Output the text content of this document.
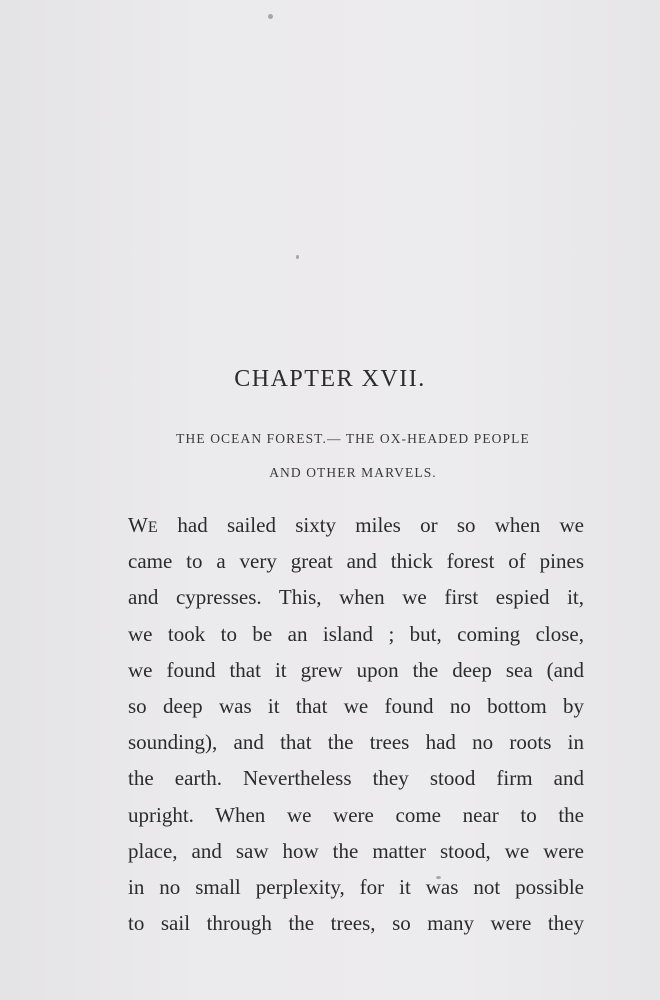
CHAPTER XVII.
THE OCEAN FOREST.— THE OX-HEADED PEOPLE
AND OTHER MARVELS.
WE had sailed sixty miles or so when we
came to a very great and thick forest of pines
and cypresses. This, when we first espied it,
we took to be an island ; but, coming close,
we found that it grew upon the deep sea (and
so deep was it that we found no bottom by
sounding), and that the trees had no roots in
the earth. Nevertheless they stood firm and
upright. When we were come near to the
place, and saw how the matter stood, we were
in no small perplexity, for it was not possible
to sail through the trees, so many were they
